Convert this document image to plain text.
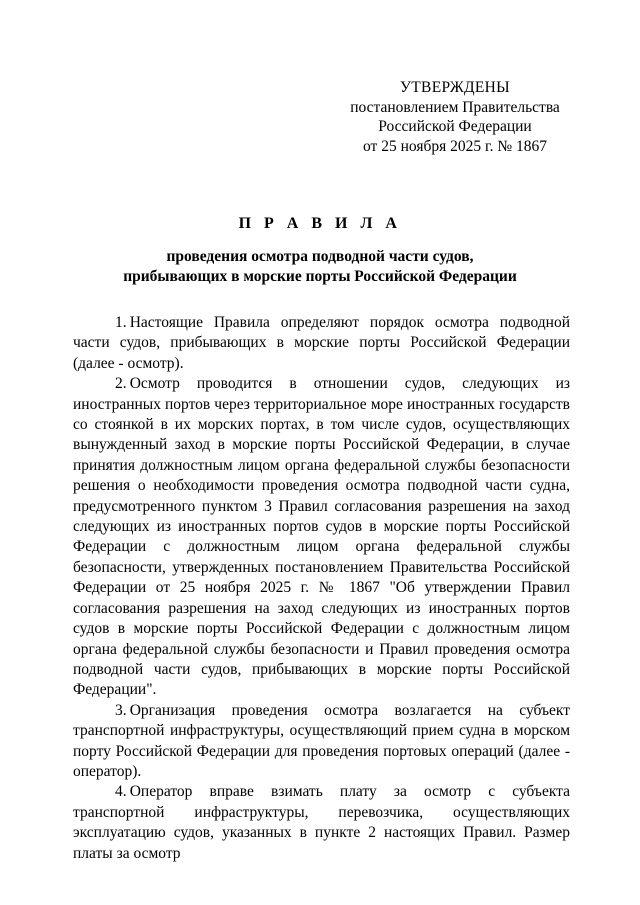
УТВЕРЖДЕНЫ
постановлением Правительства
Российской Федерации
от 25 ноября 2025 г. № 1867
П Р А В И Л А
проведения осмотра подводной части судов,
прибывающих в морские порты Российской Федерации

1.  Настоящие Правила определяют порядок осмотра подводной части судов, прибывающих в морские порты Российской Федерации (далее - осмотр).

2.  Осмотр проводится в отношении судов, следующих из иностранных портов через территориальное море иностранных государств со стоянкой в их морских портах, в том числе судов, осуществляющих вынужденный заход в морские порты Российской Федерации, в случае принятия должностным лицом органа федеральной службы безопасности решения о необходимости проведения осмотра подводной части судна, предусмотренного пунктом 3 Правил согласования разрешения на заход следующих из иностранных портов судов в морские порты Российской Федерации с должностным лицом органа федеральной службы безопасности, утвержденных постановлением Правительства Российской Федерации от 25 ноября 2025 г. № 1867 "Об утверждении Правил согласования разрешения на заход следующих из иностранных портов судов в морские порты Российской Федерации с должностным лицом органа федеральной службы безопасности и Правил проведения осмотра подводной части судов, прибывающих в морские порты Российской Федерации".

3.  Организация проведения осмотра возлагается на субъект транспортной инфраструктуры, осуществляющий прием судна в морском порту Российской Федерации для проведения портовых операций (далее - оператор).

4.  Оператор вправе взимать плату за осмотр с субъекта транспортной инфраструктуры, перевозчика, осуществляющих эксплуатацию судов, указанных в пункте 2 настоящих Правил. Размер платы за осмотр
